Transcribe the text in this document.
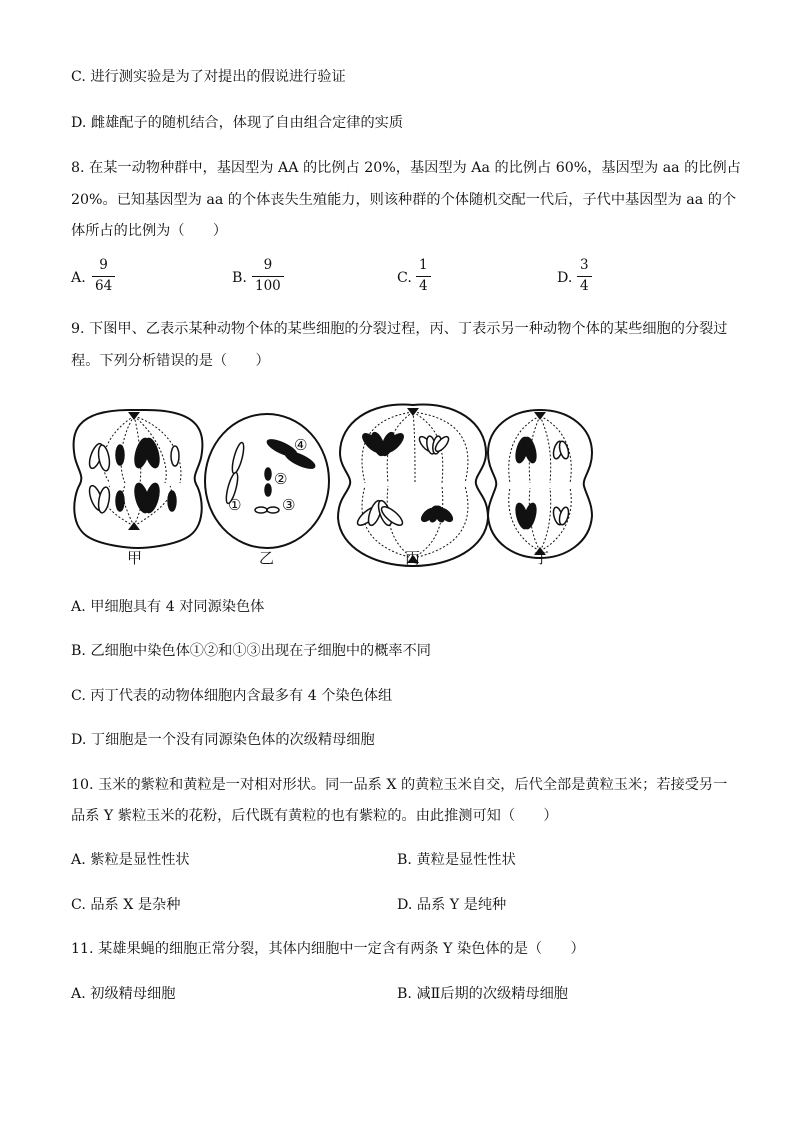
C. 进行测实验是为了对提出的假说进行验证
D. 雌雄配子的随机结合，体现了自由组合定律的实质
8. 在某一动物种群中，基因型为 AA 的比例占 20%，基因型为 Aa 的比例占 60%，基因型为 aa 的比例占
20%。已知基因型为 aa 的个体丧失生殖能力，则该种群的个体随机交配一代后，子代中基因型为 aa 的个
体所占的比例为（　　）
A. $\frac{9}{64}$	B. $\frac{9}{100}$	C. $\frac{1}{4}$	D. $\frac{3}{4}$
9. 下图甲、乙表示某种动物个体的某些细胞的分裂过程，丙、丁表示另一种动物个体的某些细胞的分裂过
程。下列分析错误的是（　　）
①
②
③
④
甲	乙	丙	丁
A. 甲细胞具有 4 对同源染色体
B. 乙细胞中染色体①②和①③出现在子细胞中的概率不同
C. 丙丁代表的动物体细胞内含最多有 4 个染色体组
D. 丁细胞是一个没有同源染色体的次级精母细胞
10. 玉米的紫粒和黄粒是一对相对形状。同一品系 X 的黄粒玉米自交，后代全部是黄粒玉米；若接受另一
品系 Y 紫粒玉米的花粉，后代既有黄粒的也有紫粒的。由此推测可知（　　）
A. 紫粒是显性性状	B. 黄粒是显性性状
C. 品系 X 是杂种	D. 品系 Y 是纯种
11. 某雄果蝇的细胞正常分裂，其体内细胞中一定含有两条 Y 染色体的是（　　）
A. 初级精母细胞	B. 减Ⅱ后期的次级精母细胞
